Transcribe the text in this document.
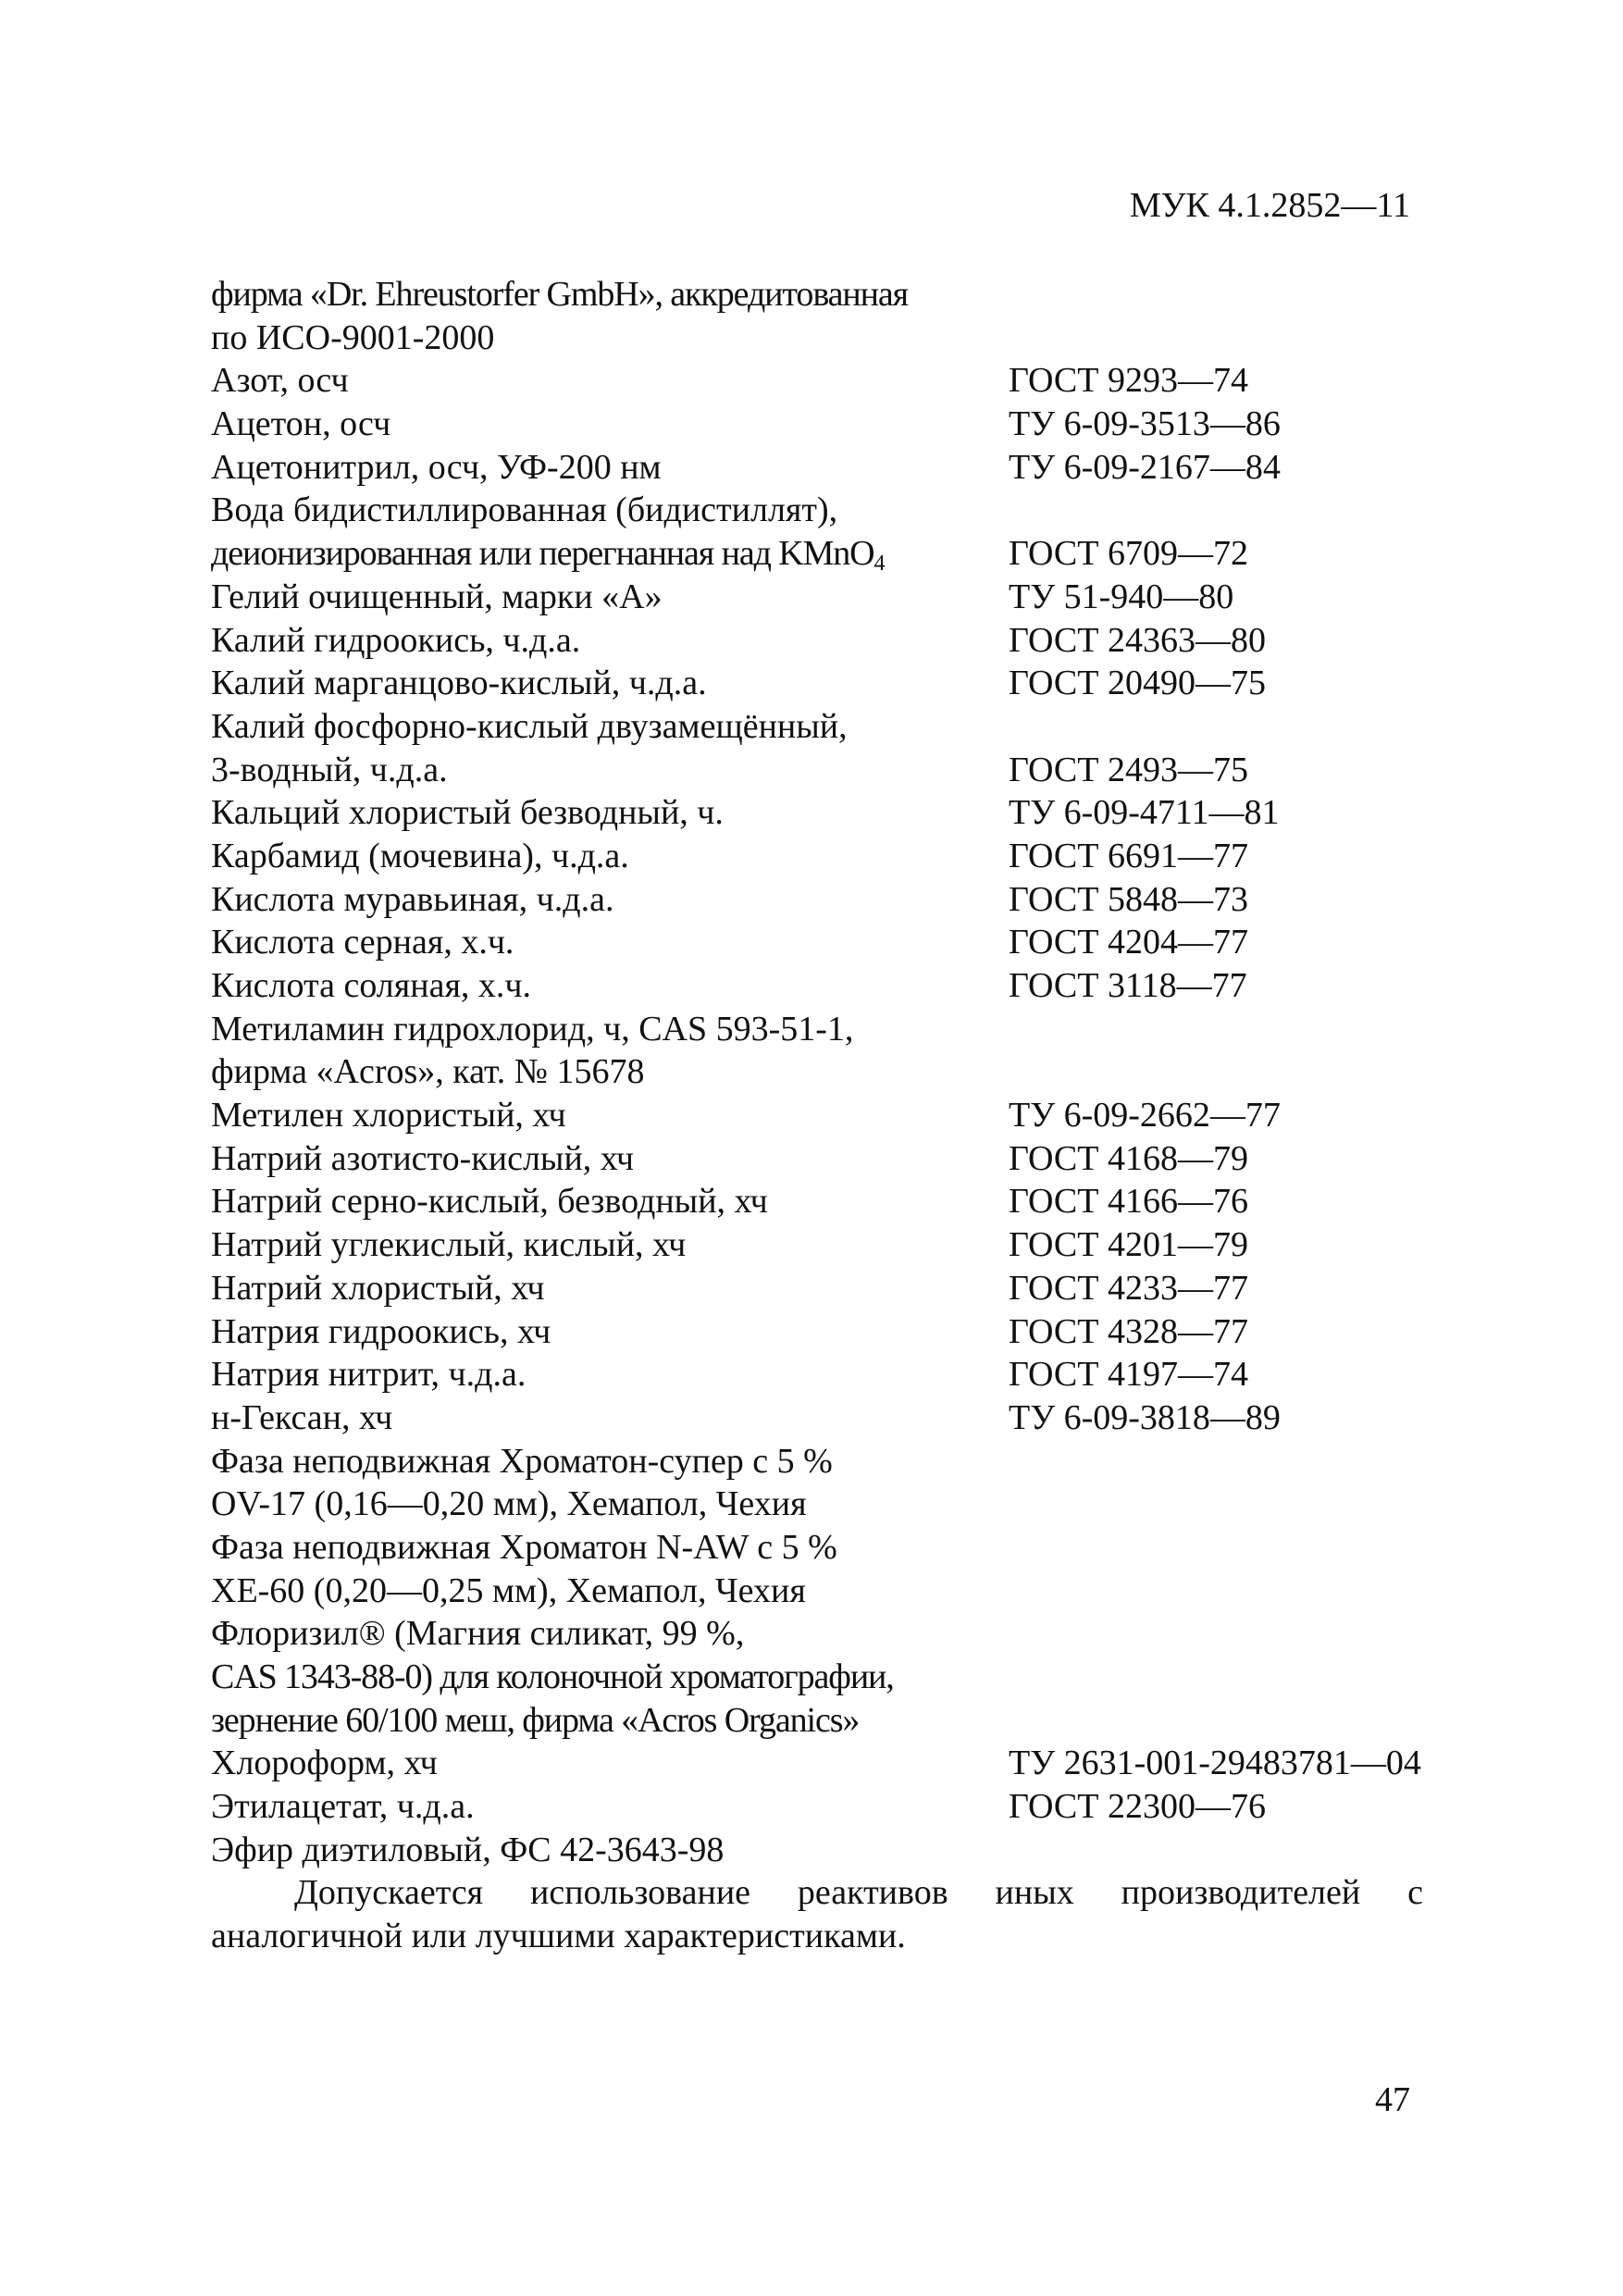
МУК 4.1.2852—11
фирма «Dr. Ehreustorfer GmbH», аккредитованная
по ИСО-9001-2000
Азот, осч	ГОСТ 9293—74
Ацетон, осч	ТУ 6-09-3513—86
Ацетонитрил, осч, УФ-200 нм	ТУ 6-09-2167—84
Вода бидистиллированная (бидистиллят),
деионизированная или перегнанная над KMnO$_4$	ГОСТ 6709—72
Гелий очищенный, марки «А»	ТУ 51-940—80
Калий гидроокись, ч.д.а.	ГОСТ 24363—80
Калий марганцово-кислый, ч.д.а.	ГОСТ 20490—75
Калий фосфорно-кислый двузамещённый,
3-водный, ч.д.а.	ГОСТ 2493—75
Кальций хлористый безводный, ч.	ТУ 6-09-4711—81
Карбамид (мочевина), ч.д.а.	ГОСТ 6691—77
Кислота муравьиная, ч.д.а.	ГОСТ 5848—73
Кислота серная, х.ч.	ГОСТ 4204—77
Кислота соляная, х.ч.	ГОСТ 3118—77
Метиламин гидрохлорид, ч, CAS 593-51-1,
фирма «Acros», кат. № 15678
Метилен хлористый, хч	ТУ 6-09-2662—77
Натрий азотисто-кислый, хч	ГОСТ 4168—79
Натрий серно-кислый, безводный, хч	ГОСТ 4166—76
Натрий углекислый, кислый, хч	ГОСТ 4201—79
Натрий хлористый, хч	ГОСТ 4233—77
Натрия гидроокись, хч	ГОСТ 4328—77
Натрия нитрит, ч.д.а.	ГОСТ 4197—74
н-Гексан, хч	ТУ 6-09-3818—89
Фаза неподвижная Хроматон-супер с 5 %
OV-17 (0,16—0,20 мм), Хемапол, Чехия
Фаза неподвижная Хроматон N-AW с 5 %
XE-60 (0,20—0,25 мм), Хемапол, Чехия
Флоризил® (Магния силикат, 99 %,
CAS 1343-88-0) для колоночной хроматографии,
зернение 60/100 меш, фирма «Acros Organics»
Хлороформ, хч	ТУ 2631-001-29483781—04
Этилацетат, ч.д.а.	ГОСТ 22300—76
Эфир диэтиловый, ФС 42-3643-98
Допускается использование реактивов иных производителей с аналогичной или лучшими характеристиками.
47
